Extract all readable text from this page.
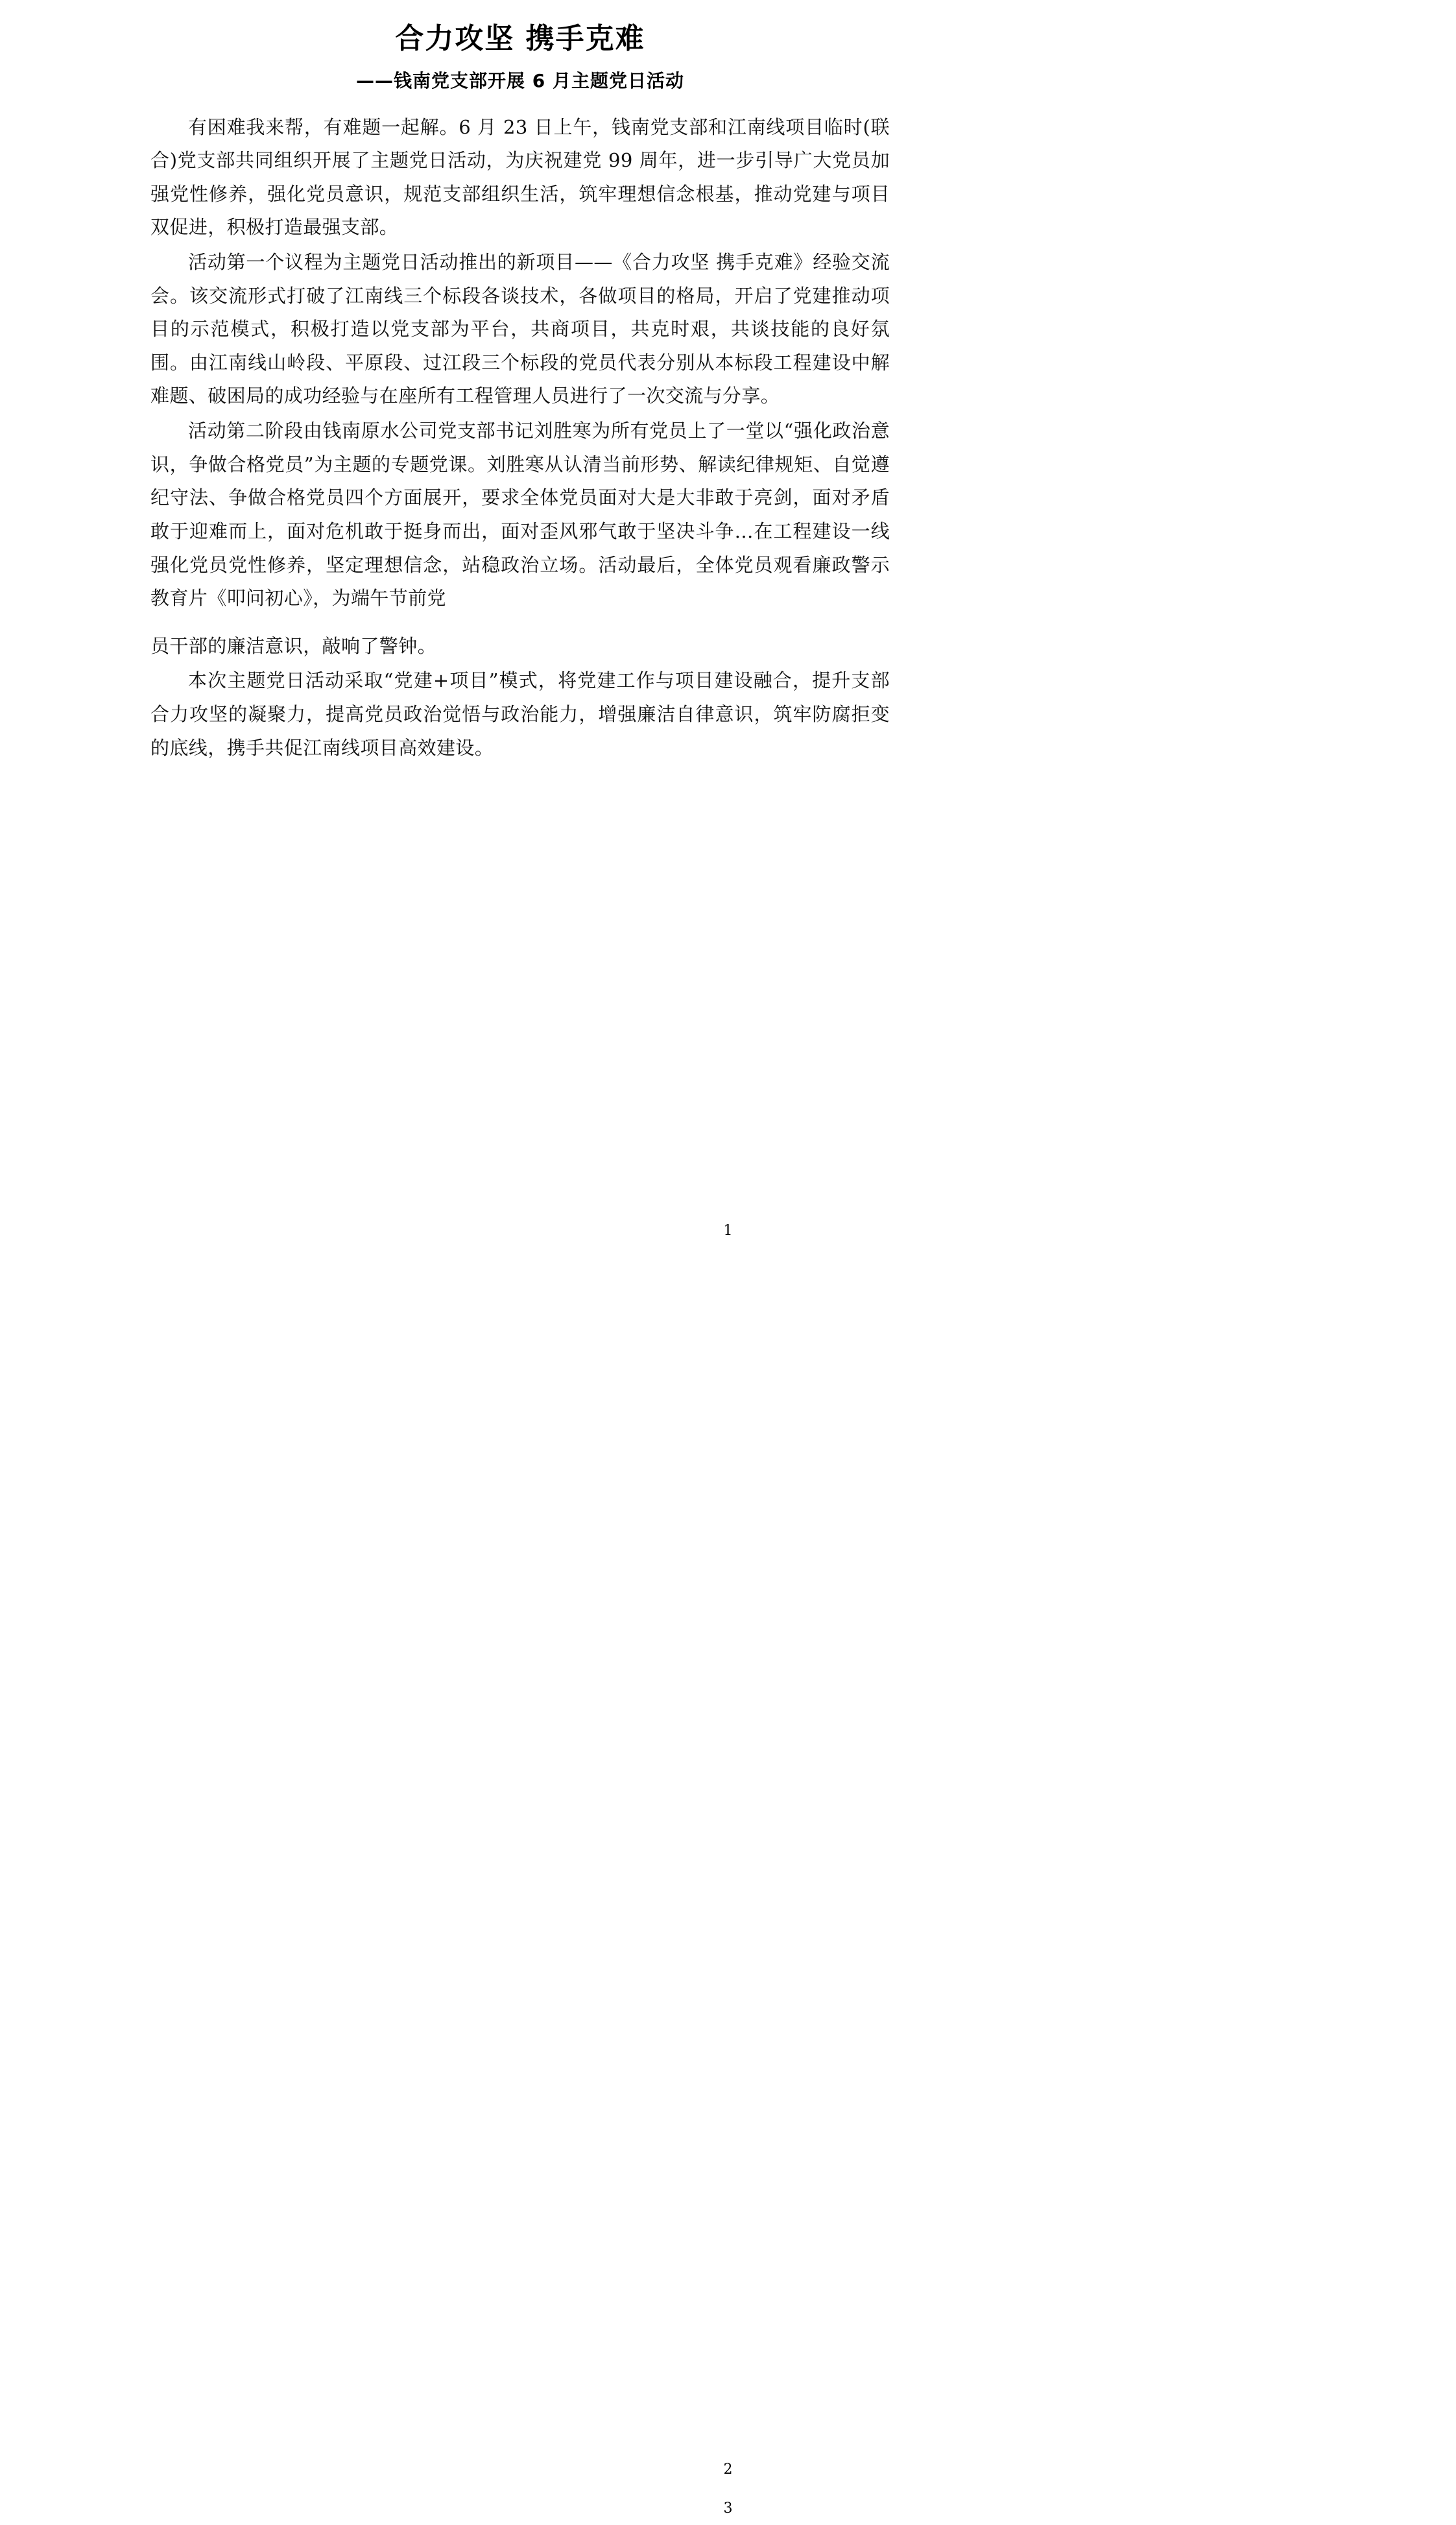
合力攻坚 携手克难
——钱南党支部开展 6 月主题党日活动

有困难我来帮，有难题一起解。6 月 23 日上午，钱南党支部和江南线项目临时(联合)党支部共同组织开展了主题党日活动，为庆祝建党 99 周年，进一步引导广大党员加强党性修养，强化党员意识，规范支部组织生活，筑牢理想信念根基，推动党建与项目双促进，积极打造最强支部。

活动第一个议程为主题党日活动推出的新项目——《合力攻坚 携手克难》经验交流会。该交流形式打破了江南线三个标段各谈技术，各做项目的格局，开启了党建推动项目的示范模式，积极打造以党支部为平台，共商项目，共克时艰，共谈技能的良好氛围。由江南线山岭段、平原段、过江段三个标段的党员代表分别从本标段工程建设中解难题、破困局的成功经验与在座所有工程管理人员进行了一次交流与分享。

活动第二阶段由钱南原水公司党支部书记刘胜寒为所有党员上了一堂以“强化政治意识，争做合格党员”为主题的专题党课。刘胜寒从认清当前形势、解读纪律规矩、自觉遵纪守法、争做合格党员四个方面展开，要求全体党员面对大是大非敢于亮剑，面对矛盾敢于迎难而上，面对危机敢于挺身而出，面对歪风邪气敢于坚决斗争…在工程建设一线强化党员党性修养，坚定理想信念，站稳政治立场。活动最后，全体党员观看廉政警示教育片《叩问初心》，为端午节前党

员干部的廉洁意识，敲响了警钟。

本次主题党日活动采取“党建+项目”模式，将党建工作与项目建设融合，提升支部合力攻坚的凝聚力，提高党员政治觉悟与政治能力，增强廉洁自律意识，筑牢防腐拒变的底线，携手共促江南线项目高效建设。

1
2
3
